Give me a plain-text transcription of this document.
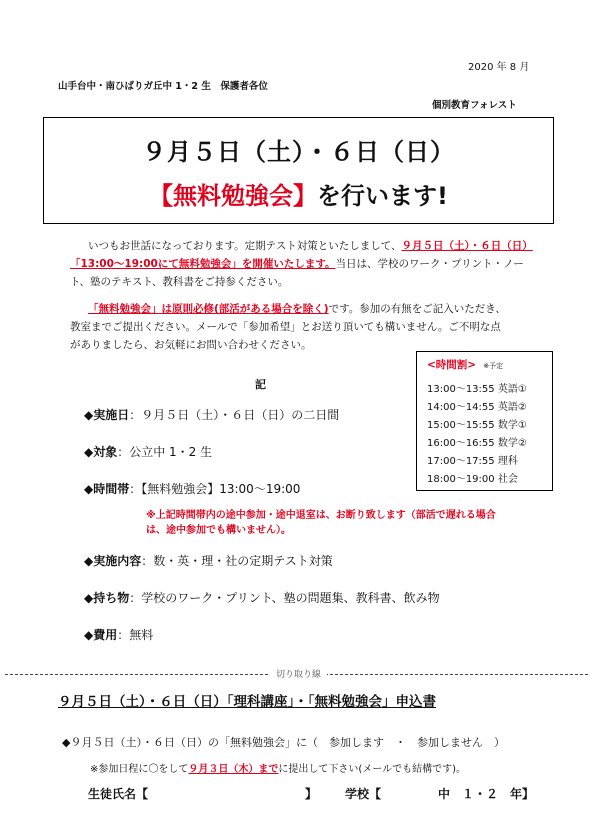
2020 年 8 月
山手台中・南ひばりガ丘中 1・2 生　保護者各位
個別教育フォレスト
９月５日（土）・６日（日）
【無料勉強会】を行います!
いつもお世話になっております。定期テスト対策といたしまして、９月５日（土）・６日（日）
「13:00～19:00にて無料勉強会」を開催いたします。当日は、学校のワーク・プリント・ノー
ト、塾のテキスト、教科書をご持参ください。
「無料勉強会」は原則必修(部活がある場合を除く)です。参加の有無をご記入いただき、
教室までご提出ください。メールで「参加希望」とお送り頂いても構いません。ご不明な点
がありましたら、お気軽にお問い合わせください。
記
<時間割> ※予定
13:00～13:55 英語①
14:00～14:55 英語②
15:00～15:55 数学①
16:00～16:55 数学②
17:00～17:55 理科
18:00～19:00 社会
◆実施日：９月５日（土）・６日（日）の二日間
◆対象：公立中 1・2 生
◆時間帯：【無料勉強会】13:00～19:00
※上記時間帯内の途中参加・途中退室は、お断り致します（部活で遅れる場合
は、途中参加でも構いません）。
◆実施内容：数・英・理・社の定期テスト対策
◆持ち物：学校のワーク・プリント、塾の問題集、教科書、飲み物
◆費用：無料
切り取り線
９月５日（土）・６日（日）「理科講座」・「無料勉強会」申込書
◆９月５日（土）・６日（日）の「無料勉強会」に（　参加します　・　参加しません　）
※参加日程に〇をして９月３日（木）までに提出して下さい(メールでも結構です)。
生徒氏名【	】 学校【	中　１・２　年】
